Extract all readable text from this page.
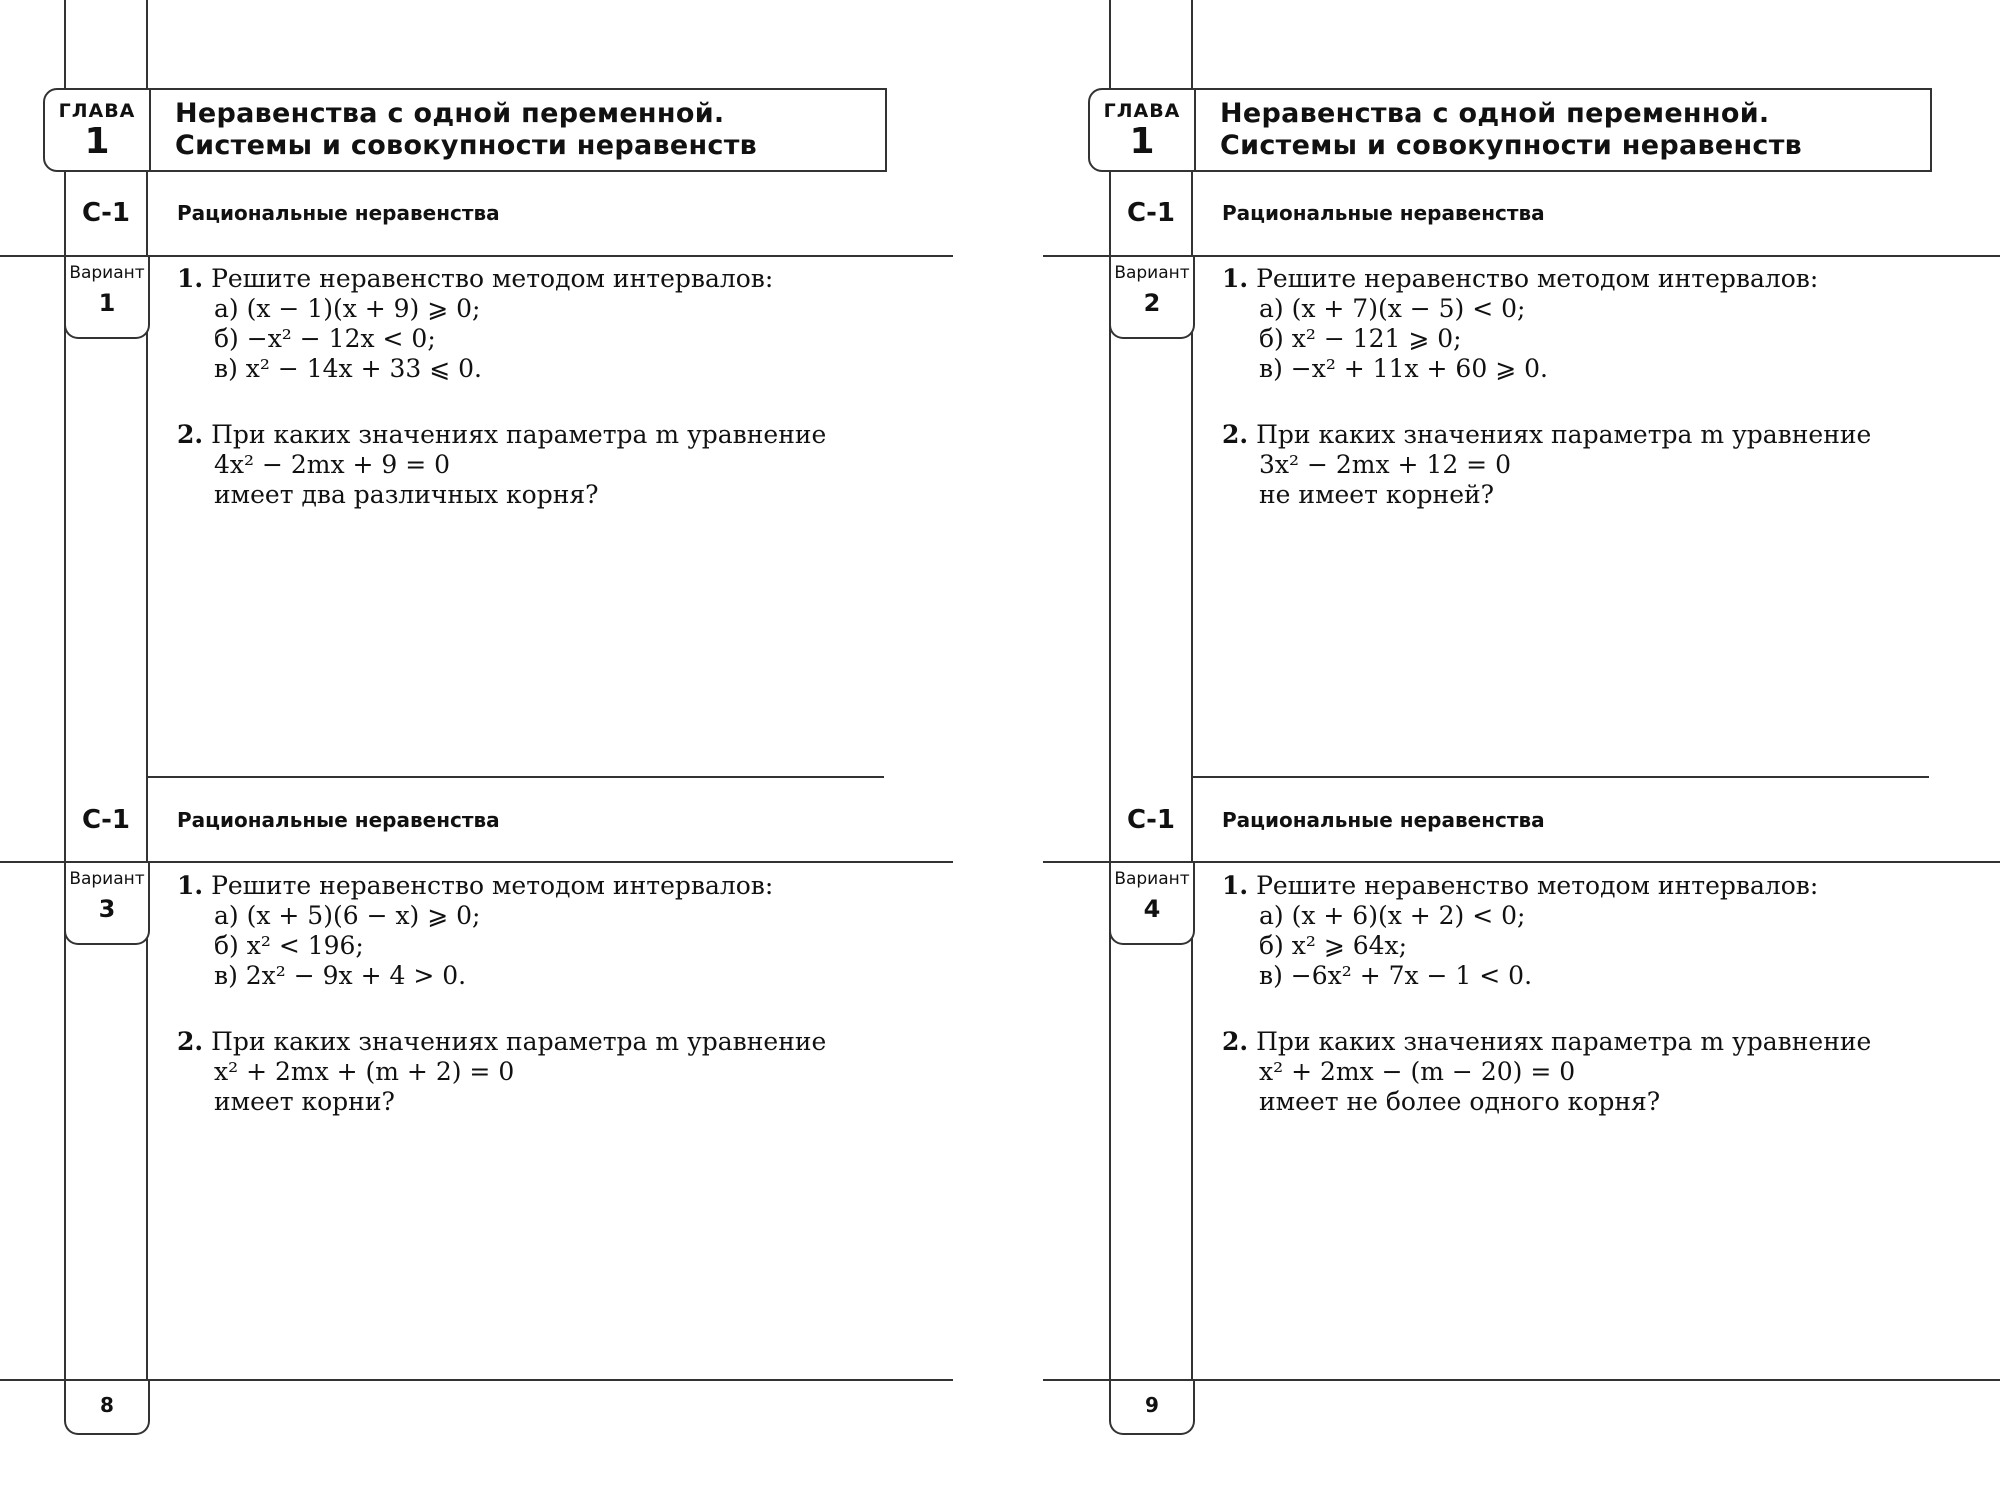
ГЛАВА
1
Неравенства с одной переменной.
Системы и совокупности неравенств
С-1	Рациональные неравенства
Вариант
1
1. Решите неравенство методом интервалов:
а) (x − 1)(x + 9) ⩾ 0;
б) −x² − 12x < 0;
в) x² − 14x + 33 ⩽ 0.
2. При каких значениях параметра m уравнение
4x² − 2mx + 9 = 0
имеет два различных корня?
С-1	Рациональные неравенства
Вариант
3
1. Решите неравенство методом интервалов:
а) (x + 5)(6 − x) ⩾ 0;
б) x² < 196;
в) 2x² − 9x + 4 > 0.
2. При каких значениях параметра m уравнение
x² + 2mx + (m + 2) = 0
имеет корни?
8
ГЛАВА
1
Неравенства с одной переменной.
Системы и совокупности неравенств
С-1	Рациональные неравенства
Вариант
2
1. Решите неравенство методом интервалов:
а) (x + 7)(x − 5) < 0;
б) x² − 121 ⩾ 0;
в) −x² + 11x + 60 ⩾ 0.
2. При каких значениях параметра m уравнение
3x² − 2mx + 12 = 0
не имеет корней?
С-1	Рациональные неравенства
Вариант
4
1. Решите неравенство методом интервалов:
а) (x + 6)(x + 2) < 0;
б) x² ⩾ 64x;
в) −6x² + 7x − 1 < 0.
2. При каких значениях параметра m уравнение
x² + 2mx − (m − 20) = 0
имеет не более одного корня?
9
